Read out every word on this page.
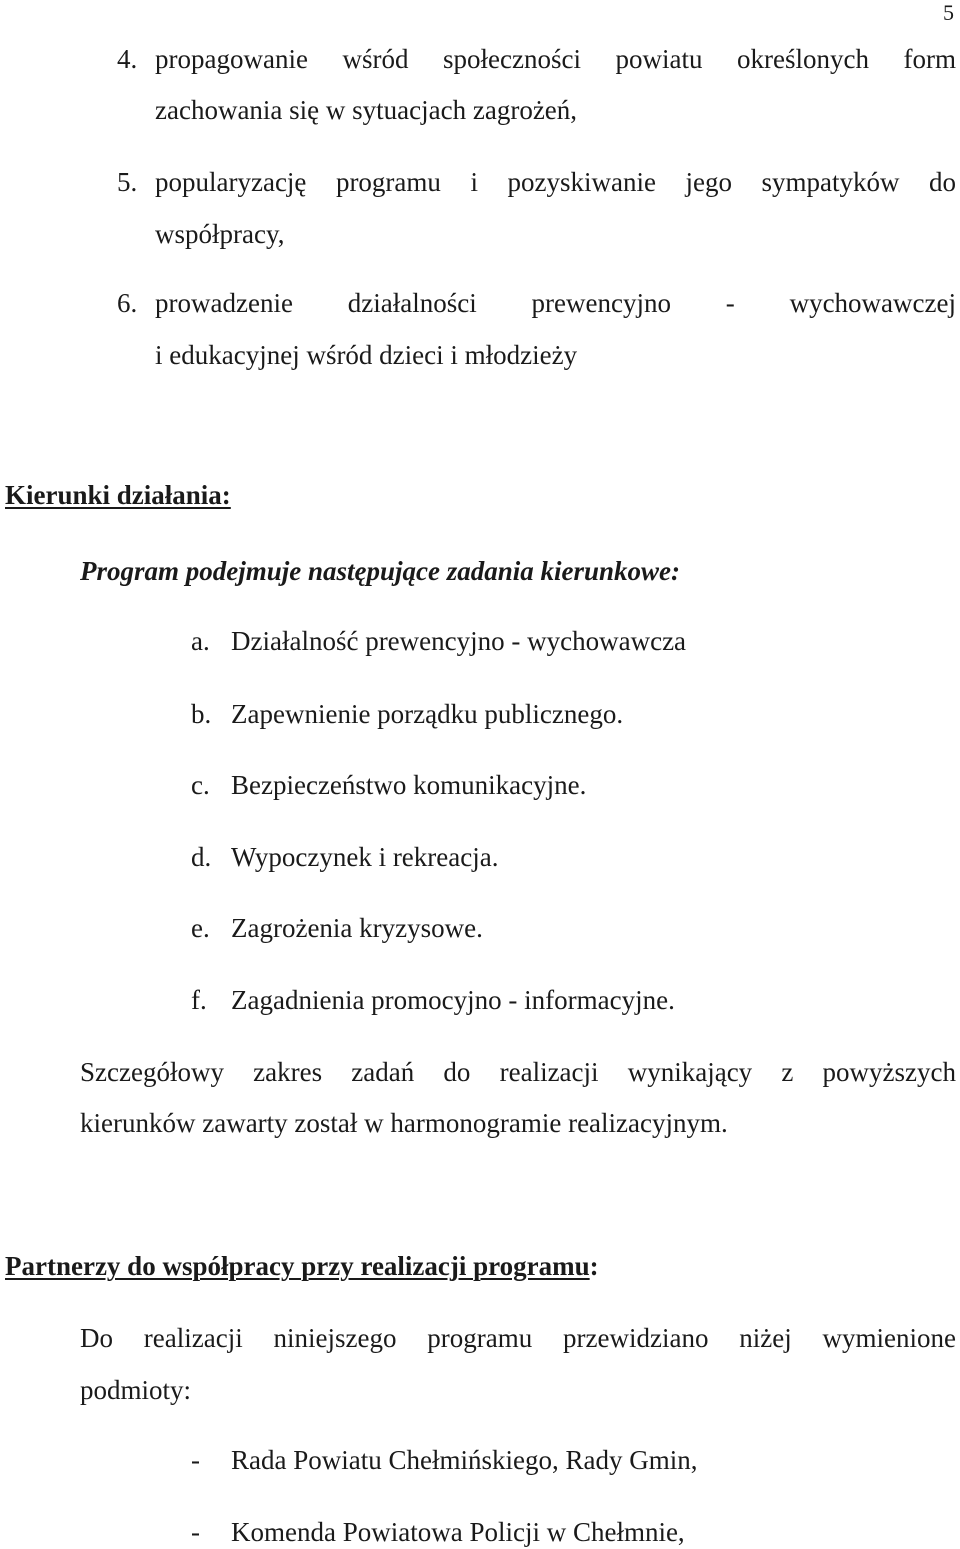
5
4. propagowanie wśród społeczności powiatu określonych form
zachowania się w sytuacjach zagrożeń,
5. popularyzację programu i pozyskiwanie jego sympatyków do
współpracy,
6. prowadzenie działalności prewencyjno - wychowawczej
i edukacyjnej wśród dzieci i młodzieży
Kierunki działania:
Program podejmuje następujące zadania kierunkowe:
a. Działalność prewencyjno - wychowawcza
b. Zapewnienie porządku publicznego.
c. Bezpieczeństwo komunikacyjne.
d. Wypoczynek i rekreacja.
e. Zagrożenia kryzysowe.
f. Zagadnienia promocyjno - informacyjne.
Szczegółowy zakres zadań do realizacji wynikający z powyższych
kierunków zawarty został w harmonogramie realizacyjnym.
Partnerzy do współpracy przy realizacji programu:
Do realizacji niniejszego programu przewidziano niżej wymienione
podmioty:
- Rada Powiatu Chełmińskiego, Rady Gmin,
- Komenda Powiatowa Policji w Chełmnie,
